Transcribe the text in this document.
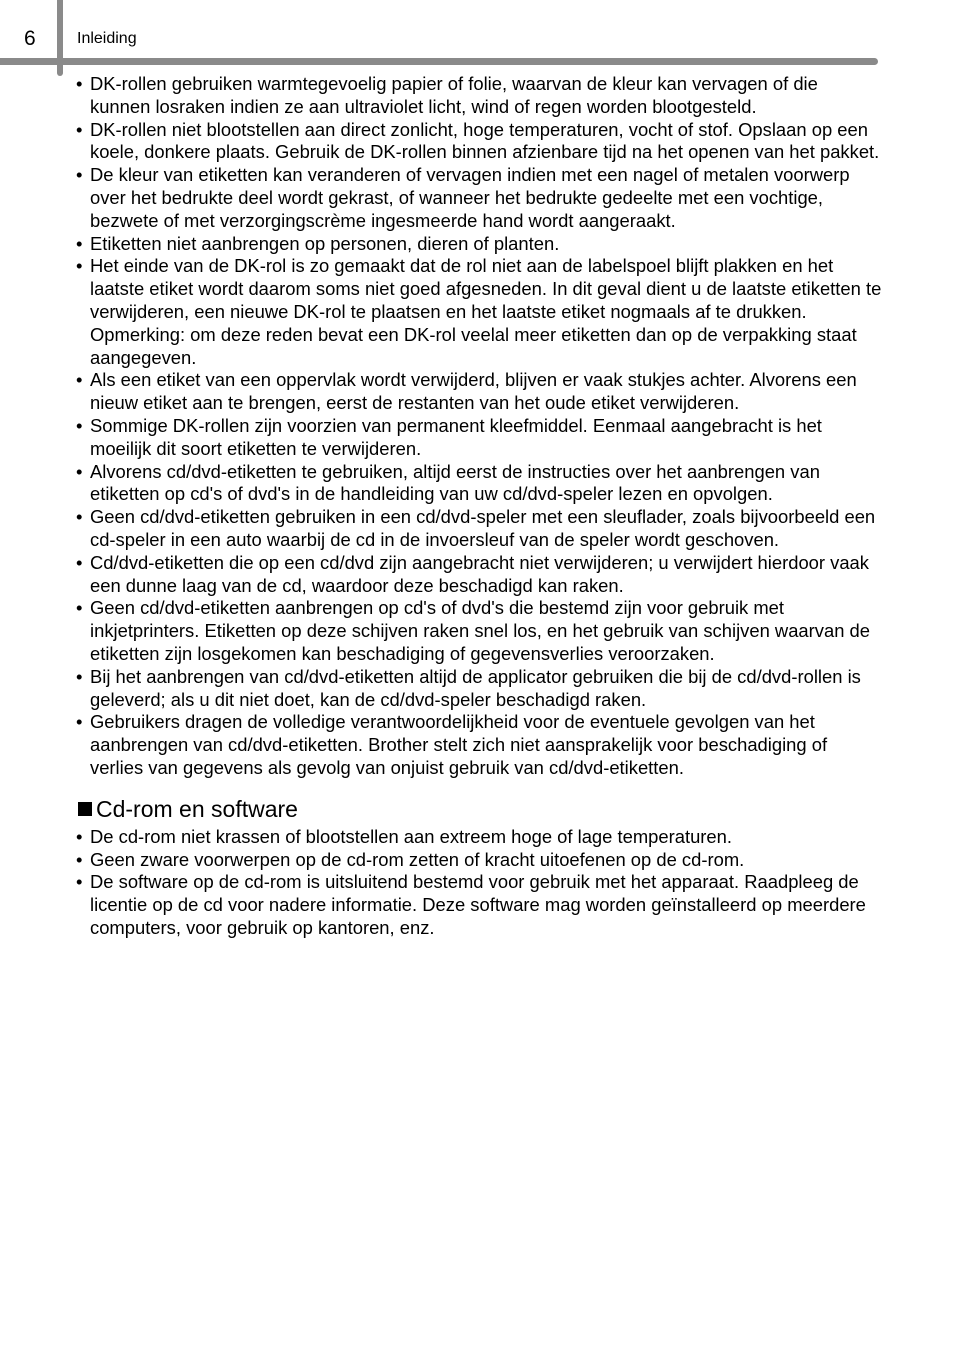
6	Inleiding
• DK-rollen gebruiken warmtegevoelig papier of folie, waarvan de kleur kan vervagen of die kunnen losraken indien ze aan ultraviolet licht, wind of regen worden blootgesteld.
• DK-rollen niet blootstellen aan direct zonlicht, hoge temperaturen, vocht of stof. Opslaan op een koele, donkere plaats. Gebruik de DK-rollen binnen afzienbare tijd na het openen van het pakket.
• De kleur van etiketten kan veranderen of vervagen indien met een nagel of metalen voorwerp over het bedrukte deel wordt gekrast, of wanneer het bedrukte gedeelte met een vochtige, bezwete of met verzorgingscrème ingesmeerde hand wordt aangeraakt.
• Etiketten niet aanbrengen op personen, dieren of planten.
• Het einde van de DK-rol is zo gemaakt dat de rol niet aan de labelspoel blijft plakken en het laatste etiket wordt daarom soms niet goed afgesneden. In dit geval dient u de laatste etiketten te verwijderen, een nieuwe DK-rol te plaatsen en het laatste etiket nogmaals af te drukken.
Opmerking: om deze reden bevat een DK-rol veelal meer etiketten dan op de verpakking staat aangegeven.
• Als een etiket van een oppervlak wordt verwijderd, blijven er vaak stukjes achter. Alvorens een nieuw etiket aan te brengen, eerst de restanten van het oude etiket verwijderen.
• Sommige DK-rollen zijn voorzien van permanent kleefmiddel. Eenmaal aangebracht is het moeilijk dit soort etiketten te verwijderen.
• Alvorens cd/dvd-etiketten te gebruiken, altijd eerst de instructies over het aanbrengen van etiketten op cd's of dvd's in de handleiding van uw cd/dvd-speler lezen en opvolgen.
• Geen cd/dvd-etiketten gebruiken in een cd/dvd-speler met een sleuflader, zoals bijvoorbeeld een cd-speler in een auto waarbij de cd in de invoersleuf van de speler wordt geschoven.
• Cd/dvd-etiketten die op een cd/dvd zijn aangebracht niet verwijderen; u verwijdert hierdoor vaak een dunne laag van de cd, waardoor deze beschadigd kan raken.
• Geen cd/dvd-etiketten aanbrengen op cd's of dvd's die bestemd zijn voor gebruik met inkjetprinters. Etiketten op deze schijven raken snel los, en het gebruik van schijven waarvan de etiketten zijn losgekomen kan beschadiging of gegevensverlies veroorzaken.
• Bij het aanbrengen van cd/dvd-etiketten altijd de applicator gebruiken die bij de cd/dvd-rollen is geleverd; als u dit niet doet, kan de cd/dvd-speler beschadigd raken.
• Gebruikers dragen de volledige verantwoordelijkheid voor de eventuele gevolgen van het aanbrengen van cd/dvd-etiketten. Brother stelt zich niet aansprakelijk voor beschadiging of verlies van gegevens als gevolg van onjuist gebruik van cd/dvd-etiketten.
Cd-rom en software
• De cd-rom niet krassen of blootstellen aan extreem hoge of lage temperaturen.
• Geen zware voorwerpen op de cd-rom zetten of kracht uitoefenen op de cd-rom.
• De software op de cd-rom is uitsluitend bestemd voor gebruik met het apparaat. Raadpleeg de licentie op de cd voor nadere informatie. Deze software mag worden geïnstalleerd op meerdere computers, voor gebruik op kantoren, enz.
